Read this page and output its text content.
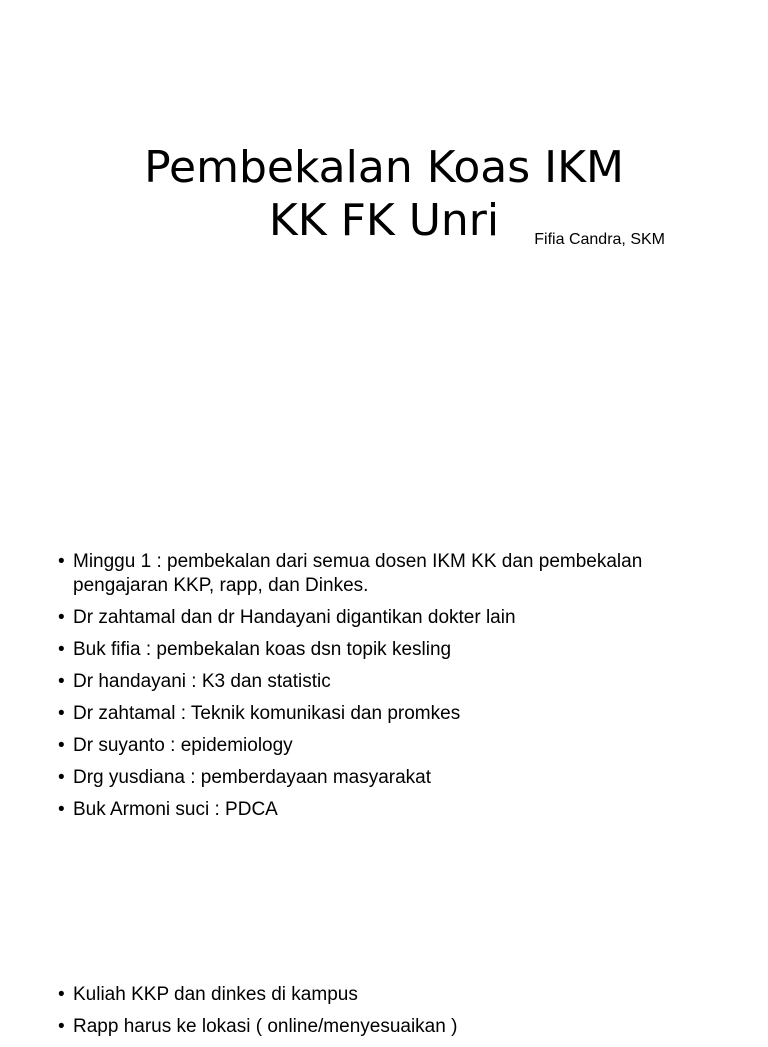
Pembekalan Koas IKM
KK FK Unri	Fifia Candra, SKM
• Minggu 1 : pembekalan dari semua dosen IKM KK dan pembekalan pengajaran KKP, rapp, dan Dinkes.
• Dr zahtamal dan dr Handayani digantikan dokter lain
• Buk fifia : pembekalan koas dsn topik kesling
• Dr handayani : K3 dan statistic
• Dr zahtamal : Teknik komunikasi dan promkes
• Dr suyanto : epidemiology
• Drg yusdiana : pemberdayaan masyarakat
• Buk Armoni suci : PDCA
• Kuliah KKP dan dinkes di kampus
• Rapp harus ke lokasi ( online/menyesuaikan )
